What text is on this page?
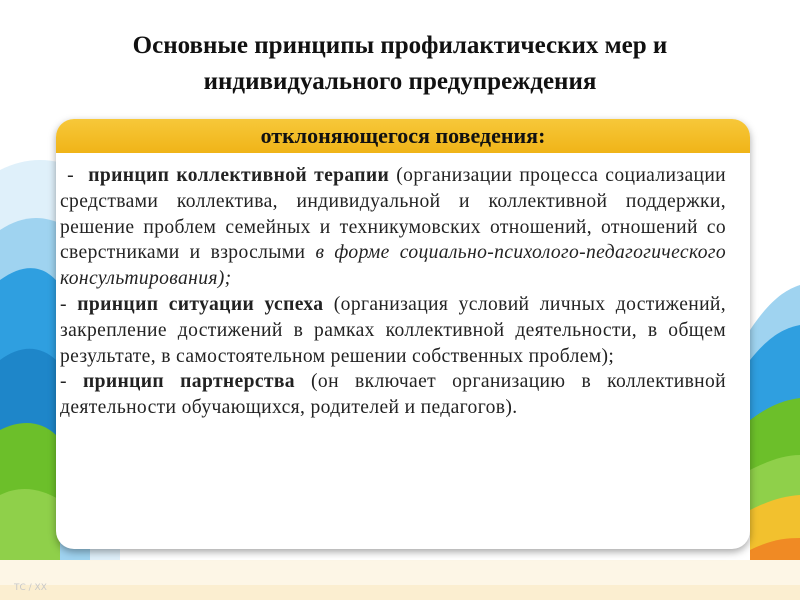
Основные принципы профилактических мер и
индивидуального предупреждения
отклоняющегося поведения:

-  принцип коллективной терапии (организации процесса социализации средствами коллектива, индивидуальной и коллективной поддержки, решение проблем семейных и техникумовских отношений, отношений со сверстниками и взрослыми в форме социально-психолого-педагогического консультирования);

- принцип ситуации успеха (организация условий личных достижений, закрепление достижений в рамках коллективной деятельности, в общем результате, в самостоятельном решении собственных проблем);

- принцип партнерства (он включает организацию в коллективной деятельности обучающихся, родителей и педагогов).

ТС / ХХ
